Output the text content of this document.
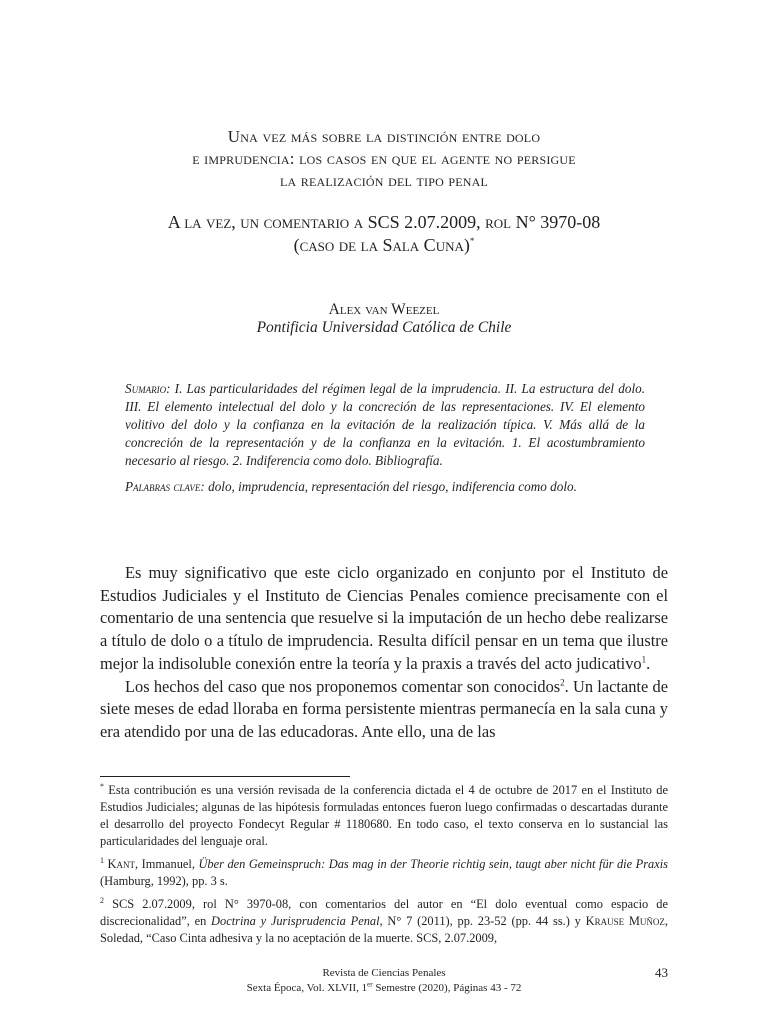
Una vez más sobre la distinción entre dolo
e imprudencia: los casos en que el agente no persigue
la realización del tipo penal
A la vez, un comentario a SCS 2.07.2009, rol N° 3970-08
(caso de la Sala Cuna)*
Alex van Weezel
Pontificia Universidad Católica de Chile

Sumario: I. Las particularidades del régimen legal de la imprudencia. II. La estructura del dolo. III. El elemento intelectual del dolo y la concreción de las representaciones. IV. El elemento volitivo del dolo y la confianza en la evitación de la realización típica. V. Más allá de la concreción de la representación y de la confianza en la evitación. 1. El acostumbramiento necesario al riesgo. 2. Indiferencia como dolo. Bibliografía.

Palabras clave: dolo, imprudencia, representación del riesgo, indiferencia como dolo.

Es muy significativo que este ciclo organizado en conjunto por el Instituto de Estudios Judiciales y el Instituto de Ciencias Penales comience precisamente con el comentario de una sentencia que resuelve si la imputación de un hecho debe realizarse a título de dolo o a título de imprudencia. Resulta difícil pensar en un tema que ilustre mejor la indisoluble conexión entre la teoría y la praxis a través del acto judicativo$^1$.

Los hechos del caso que nos proponemos comentar son conocidos$^2$. Un lactante de siete meses de edad lloraba en forma persistente mientras permanecía en la sala cuna y era atendido por una de las educadoras. Ante ello, una de las

* Esta contribución es una versión revisada de la conferencia dictada el 4 de octubre de 2017 en el Instituto de Estudios Judiciales; algunas de las hipótesis formuladas entonces fueron luego confirmadas o descartadas durante el desarrollo del proyecto Fondecyt Regular # 1180680. En todo caso, el texto conserva en lo sustancial las particularidades del lenguaje oral.

$^1$ Kant, Immanuel, Über den Gemeinspruch: Das mag in der Theorie richtig sein, taugt aber nicht für die Praxis (Hamburg, 1992), pp. 3 s.

$^2$ SCS 2.07.2009, rol N° 3970-08, con comentarios del autor en “El dolo eventual como espacio de discrecionalidad”, en Doctrina y Jurisprudencia Penal, N° 7 (2011), pp. 23-52 (pp. 44 ss.) y Krause Muñoz, Soledad, “Caso Cinta adhesiva y la no aceptación de la muerte. SCS, 2.07.2009,

Revista de Ciencias Penales
Sexta Época, Vol. XLVII, 1er Semestre (2020), Páginas 43 - 72
43
